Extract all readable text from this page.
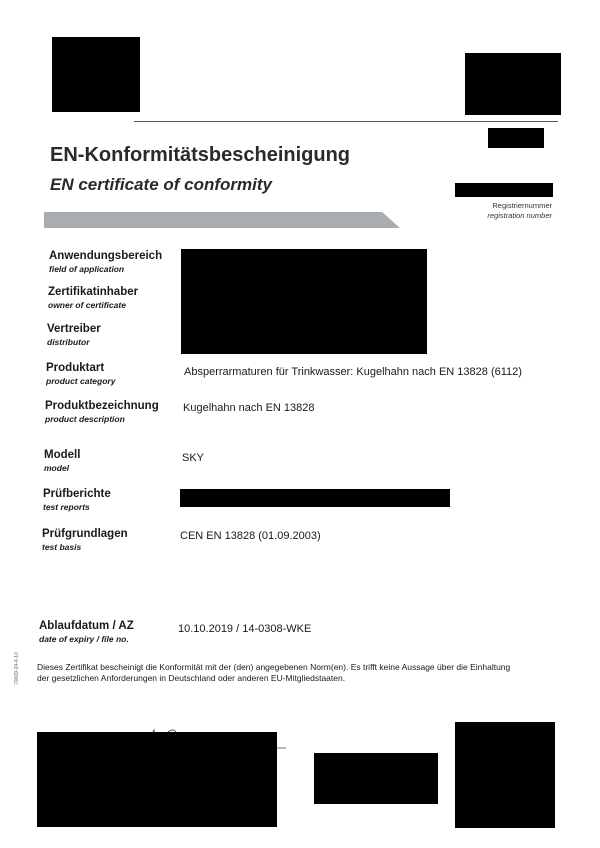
EN-Konformitätsbescheinigung
EN certificate of conformity
Registriernummer
registration number
Anwendungsbereich
field of application
Zertifikatinhaber
owner of certificate
Vertreiber
distributor
Produktart
product category
Absperrarmaturen für Trinkwasser: Kugelhahn nach EN 13828 (6112)
Produktbezeichnung
product description
Kugelhahn nach EN 13828
Modell
model
SKY
Prüfberichte
test reports
Prüfgrundlagen
test basis
CEN EN 13828 (01.09.2003)
Ablaufdatum / AZ
date of expiry / file no.
10.10.2019 / 14-0308-WKE
70009-24-4-10 Dieses Zertifikat bescheinigt die Konformität mit der (den) angegebenen Norm(en). Es trifft keine Aussage über die Einhaltung der gesetzlichen Anforderungen in Deutschland oder anderen EU-Mitgliedstaaten.
